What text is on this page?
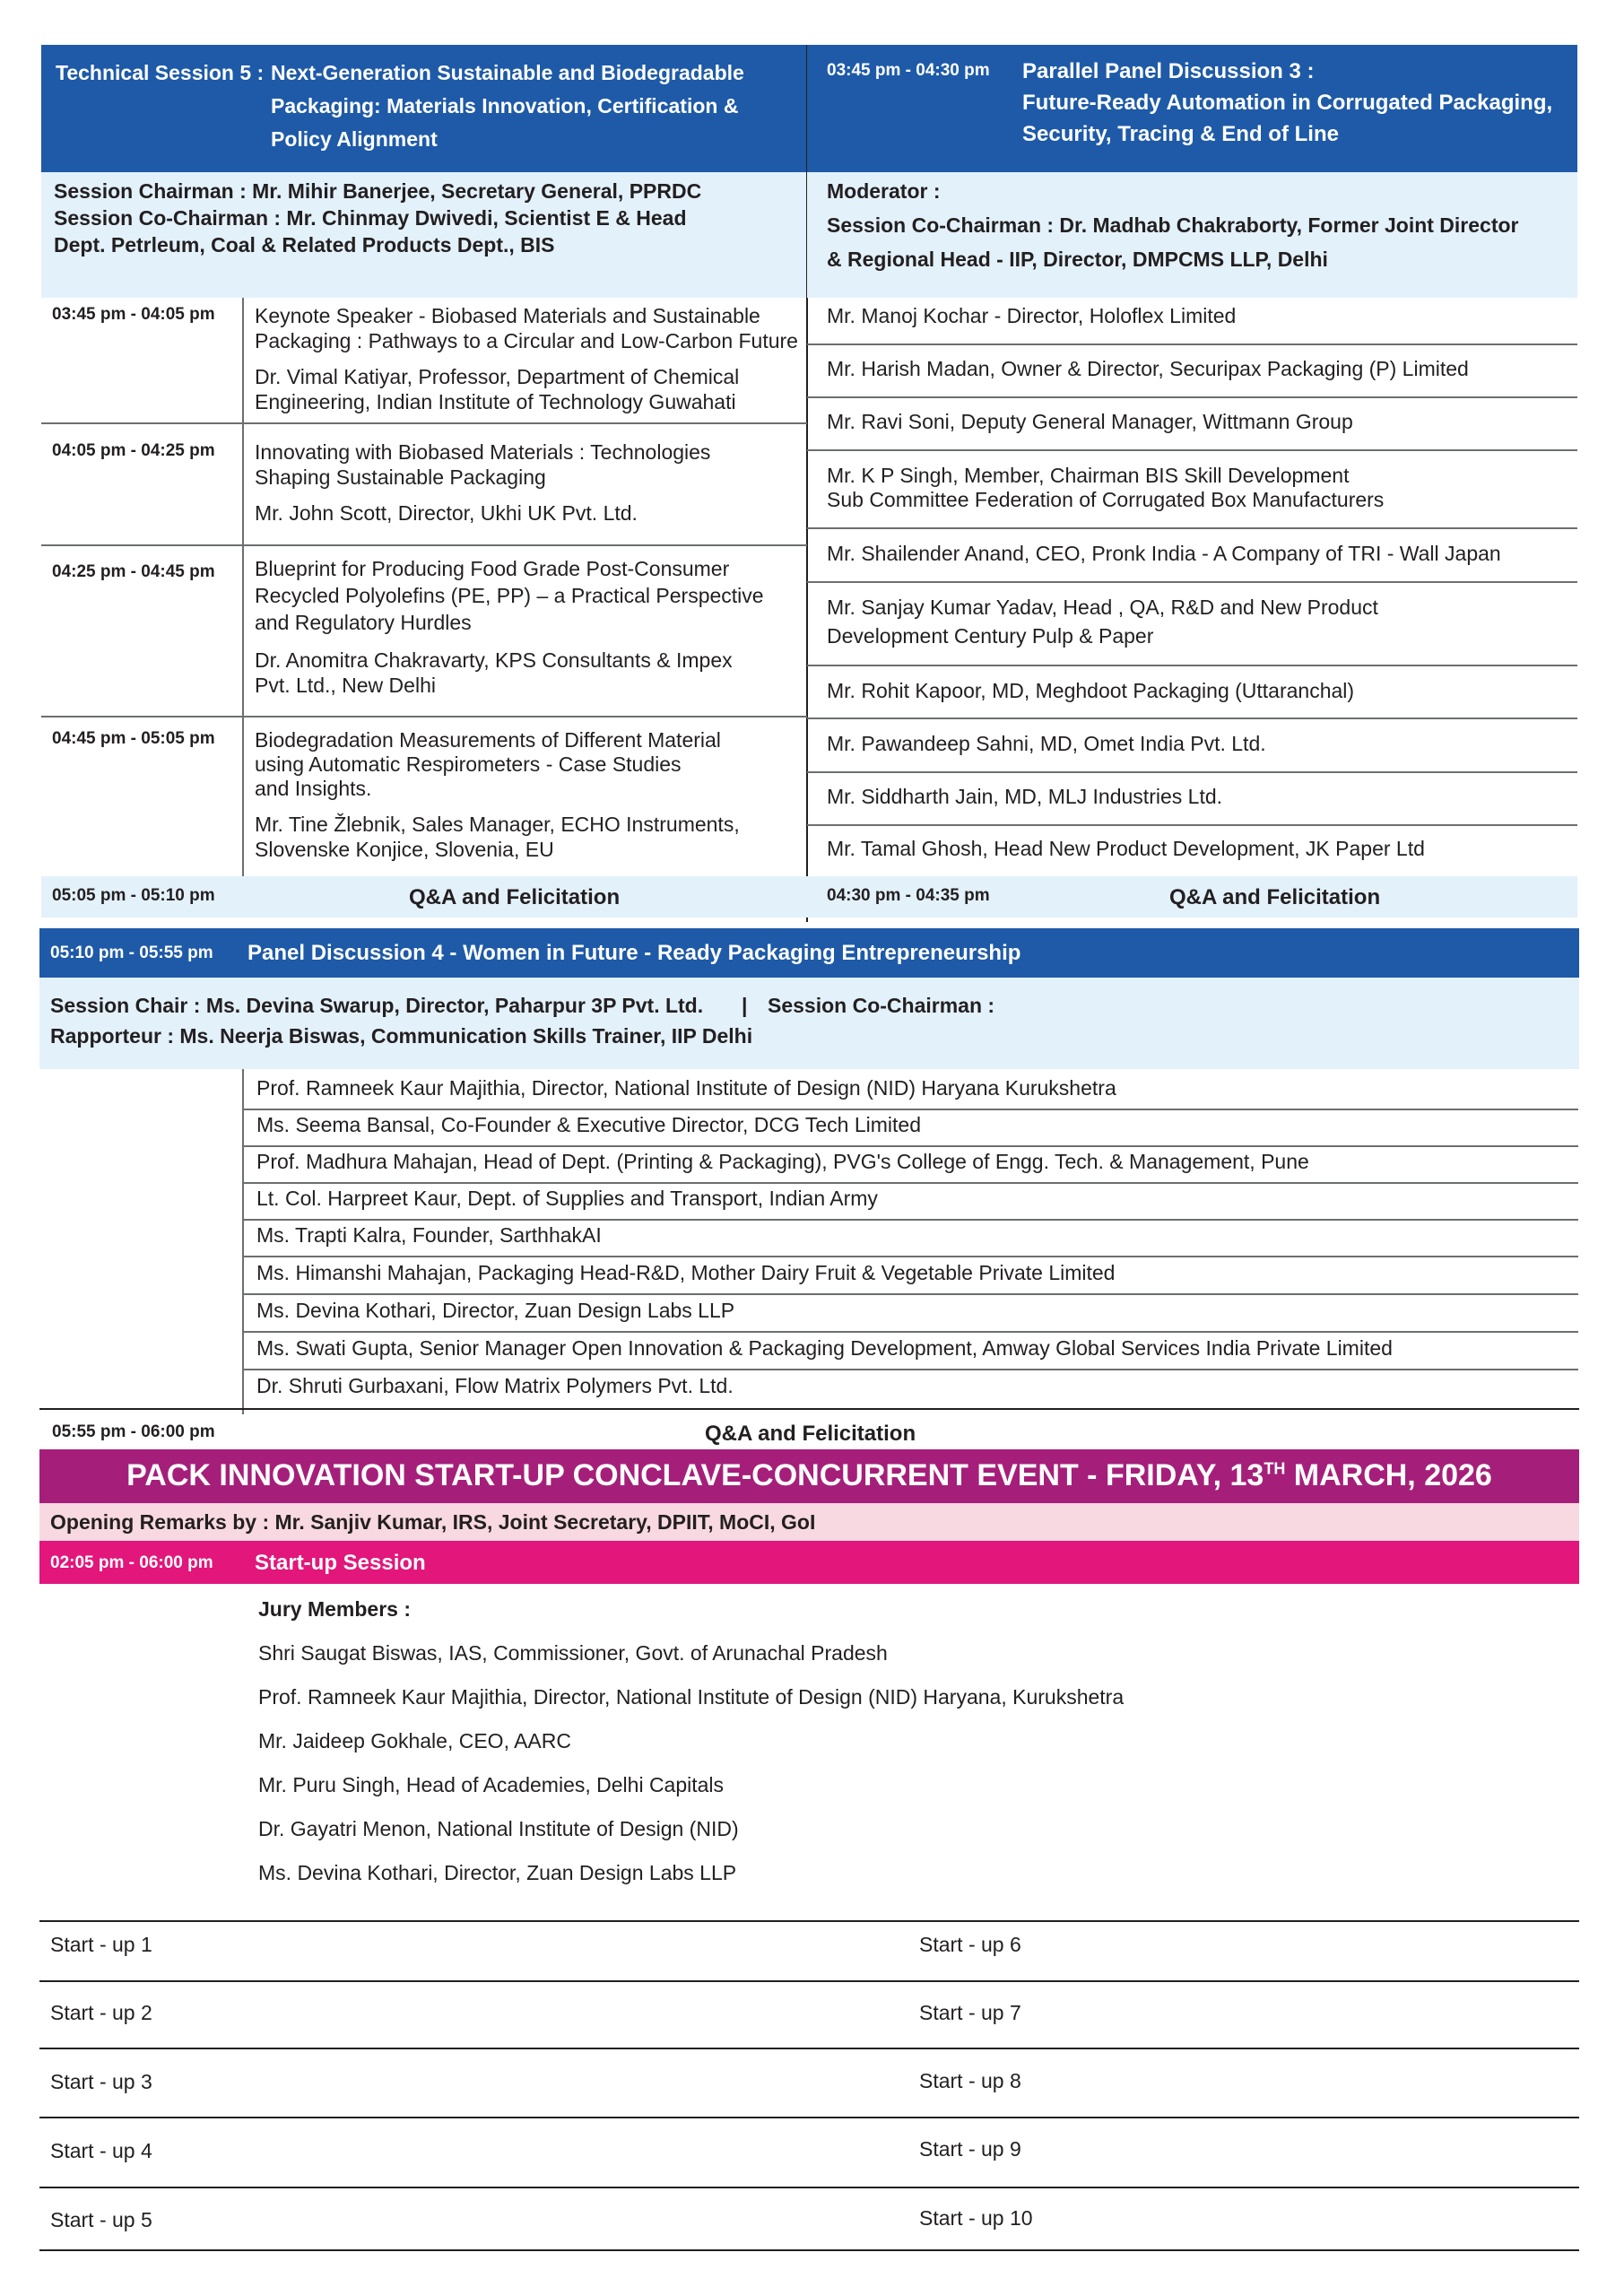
Technical Session 5 : Next-Generation Sustainable and Biodegradable
Packaging: Materials Innovation, Certification &
Policy Alignment
Session Chairman : Mr. Mihir Banerjee, Secretary General, PPRDC
Session Co-Chairman : Mr. Chinmay Dwivedi, Scientist E & Head
Dept. Petrleum, Coal & Related Products Dept., BIS
03:45 pm - 04:05 pm Keynote Speaker - Biobased Materials and Sustainable
Packaging : Pathways to a Circular and Low-Carbon Future
Dr. Vimal Katiyar, Professor, Department of Chemical
Engineering, Indian Institute of Technology Guwahati
04:05 pm - 04:25 pm Innovating with Biobased Materials : Technologies
Shaping Sustainable Packaging
Mr. John Scott, Director, Ukhi UK Pvt. Ltd.
04:25 pm - 04:45 pm Blueprint for Producing Food Grade Post-Consumer
Recycled Polyolefins (PE, PP) – a Practical Perspective
and Regulatory Hurdles
Dr. Anomitra Chakravarty, KPS Consultants & Impex
Pvt. Ltd., New Delhi
04:45 pm - 05:05 pm Biodegradation Measurements of Different Material
using Automatic Respirometers - Case Studies
and Insights.
Mr. Tine Žlebnik, Sales Manager, ECHO Instruments,
Slovenske Konjice, Slovenia, EU
05:05 pm - 05:10 pm	Q&A and Felicitation
03:45 pm - 04:30 pm Parallel Panel Discussion 3 :
Future-Ready Automation in Corrugated Packaging,
Security, Tracing & End of Line
Moderator :
Session Co-Chairman : Dr. Madhab Chakraborty, Former Joint Director
& Regional Head - IIP, Director, DMPCMS LLP, Delhi
Mr. Manoj Kochar - Director, Holoflex Limited
Mr. Harish Madan, Owner & Director, Securipax Packaging (P) Limited
Mr. Ravi Soni, Deputy General Manager, Wittmann Group
Mr. K P Singh, Member, Chairman BIS Skill Development
Sub Committee Federation of Corrugated Box Manufacturers
Mr. Shailender Anand, CEO, Pronk India - A Company of TRI - Wall Japan
Mr. Sanjay Kumar Yadav, Head , QA, R&D and New Product
Development Century Pulp & Paper
Mr. Rohit Kapoor, MD, Meghdoot Packaging (Uttaranchal)
Mr. Pawandeep Sahni, MD, Omet India Pvt. Ltd.
Mr. Siddharth Jain, MD, MLJ Industries Ltd.
Mr. Tamal Ghosh, Head New Product Development, JK Paper Ltd
04:30 pm - 04:35 pm	Q&A and Felicitation
05:10 pm - 05:55 pm Panel Discussion 4 - Women in Future - Ready Packaging Entrepreneurship
Session Chair : Ms. Devina Swarup, Director, Paharpur 3P Pvt. Ltd. | Session Co-Chairman :
Rapporteur : Ms. Neerja Biswas, Communication Skills Trainer, IIP Delhi
Prof. Ramneek Kaur Majithia, Director, National Institute of Design (NID) Haryana Kurukshetra
Ms. Seema Bansal, Co-Founder & Executive Director, DCG Tech Limited
Prof. Madhura Mahajan, Head of Dept. (Printing & Packaging), PVG's College of Engg. Tech. & Management, Pune
Lt. Col. Harpreet Kaur, Dept. of Supplies and Transport, Indian Army
Ms. Trapti Kalra, Founder, SarthhakAI
Ms. Himanshi Mahajan, Packaging Head-R&D, Mother Dairy Fruit & Vegetable Private Limited
Ms. Devina Kothari, Director, Zuan Design Labs LLP
Ms. Swati Gupta, Senior Manager Open Innovation & Packaging Development, Amway Global Services India Private Limited
Dr. Shruti Gurbaxani, Flow Matrix Polymers Pvt. Ltd.
05:55 pm - 06:00 pm	Q&A and Felicitation
PACK INNOVATION START-UP CONCLAVE-CONCURRENT EVENT - FRIDAY, 13TH MARCH, 2026
Opening Remarks by : Mr. Sanjiv Kumar, IRS, Joint Secretary, DPIIT, MoCI, GoI
02:05 pm - 06:00 pm Start-up Session
Jury Members :
Shri Saugat Biswas, IAS, Commissioner, Govt. of Arunachal Pradesh
Prof. Ramneek Kaur Majithia, Director, National Institute of Design (NID) Haryana, Kurukshetra
Mr. Jaideep Gokhale, CEO, AARC
Mr. Puru Singh, Head of Academies, Delhi Capitals
Dr. Gayatri Menon, National Institute of Design (NID)
Ms. Devina Kothari, Director, Zuan Design Labs LLP
Start - up 1	Start - up 6
Start - up 2	Start - up 7
Start - up 3	Start - up 8
Start - up 4	Start - up 9
Start - up 5	Start - up 10
